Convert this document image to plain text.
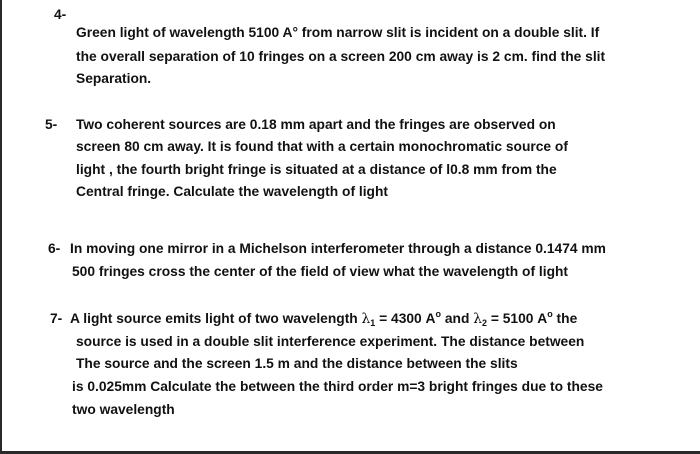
4-
Green light of wavelength 5100 A° from narrow slit is incident on a double slit. If
the overall separation of 10 fringes on a screen 200 cm away is 2 cm. find the slit
Separation.
5- Two coherent sources are 0.18 mm apart and the fringes are observed on
screen 80 cm away. It is found that with a certain monochromatic source of
light , the fourth bright fringe is situated at a distance of l0.8 mm from the
Central fringe. Calculate the wavelength of light
6- In moving one mirror in a Michelson interferometer through a distance 0.1474 mm
500 fringes cross the center of the field of view what the wavelength of light
7- A light source emits light of two wavelength $\lambda_1 = 4300$ $A^o$ and $\lambda_2 = 5100$ $A^o$ the
source is used in a double slit interference experiment. The distance between
The source and the screen 1.5 m and the distance between the slits
is 0.025mm Calculate the between the third order m=3 bright fringes due to these
two wavelength
